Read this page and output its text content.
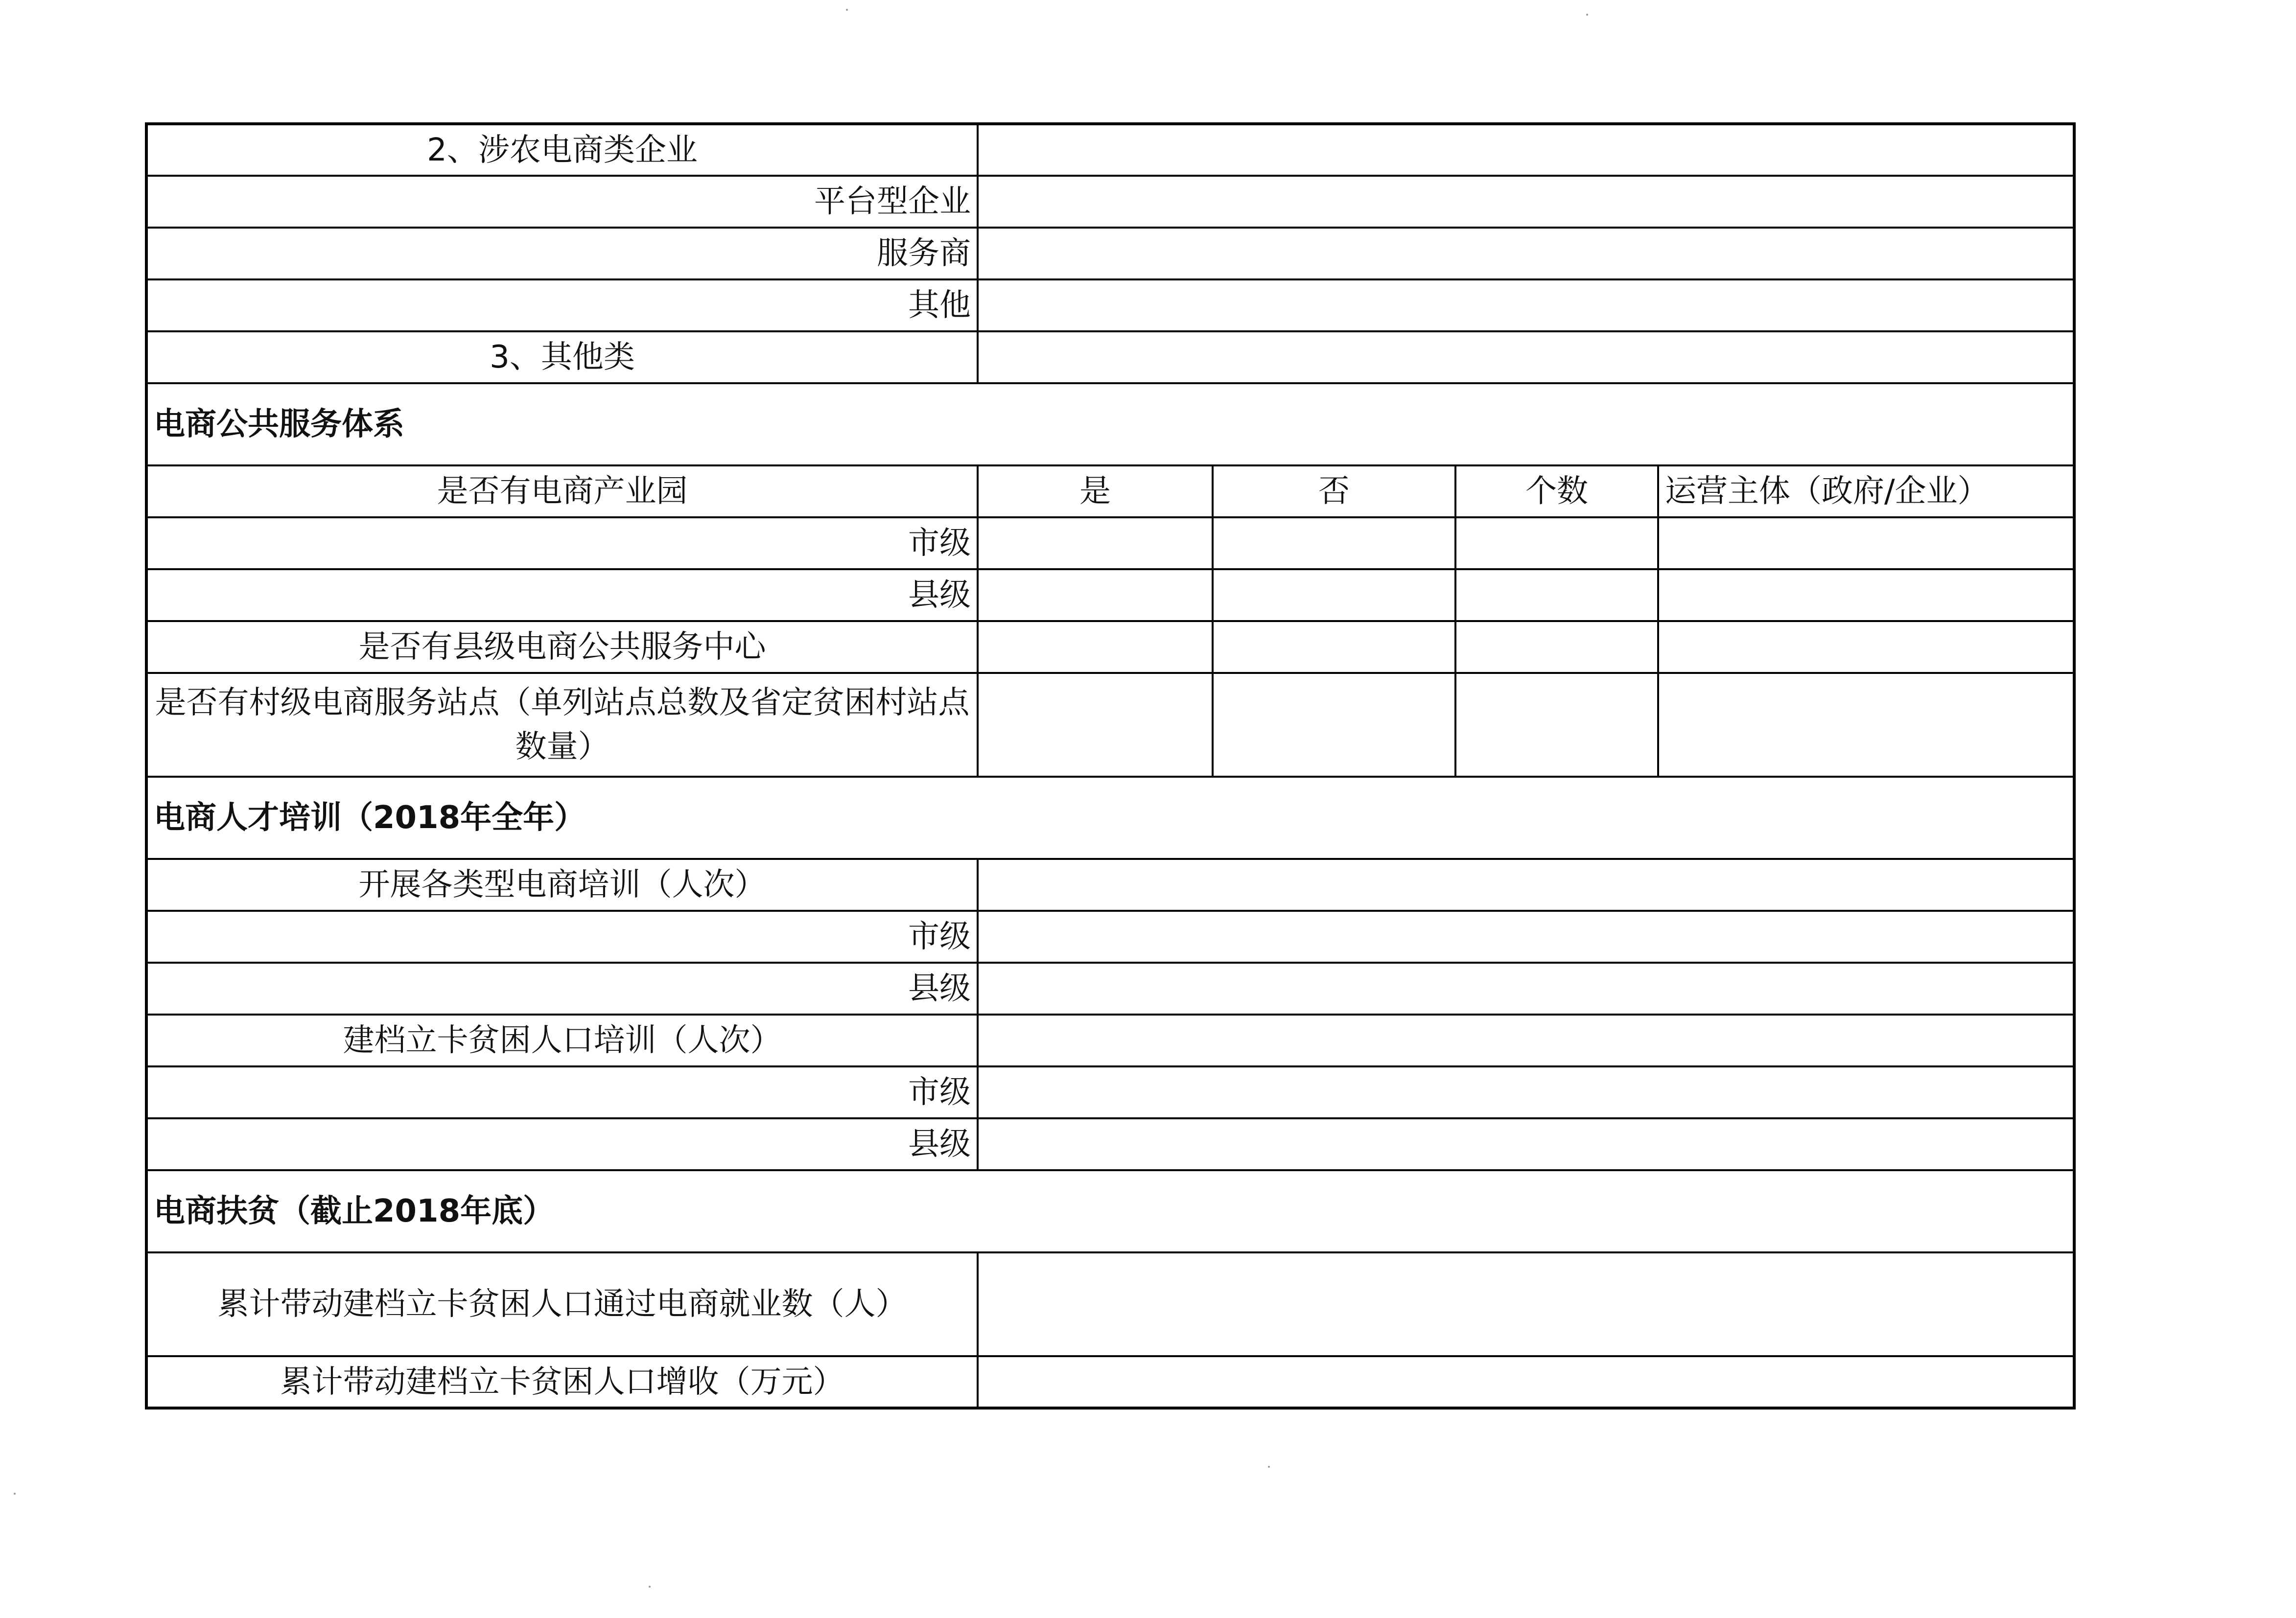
2、涉农电商类企业				
平台型企业				
服务商				
其他				
3、其他类				
电商公共服务体系				
是否有电商产业园	是	否	个数	运营主体（政府/企业）
市级				
县级				
是否有县级电商公共服务中心				
是否有村级电商服务站点（单列站点总数及省定贫困村站点数量）				
电商人才培训（2018年全年）				
开展各类型电商培训（人次）				
市级				
县级				
建档立卡贫困人口培训（人次）				
市级				
县级				
电商扶贫（截止2018年底）				
累计带动建档立卡贫困人口通过电商就业数（人）				
累计带动建档立卡贫困人口增收（万元）				
